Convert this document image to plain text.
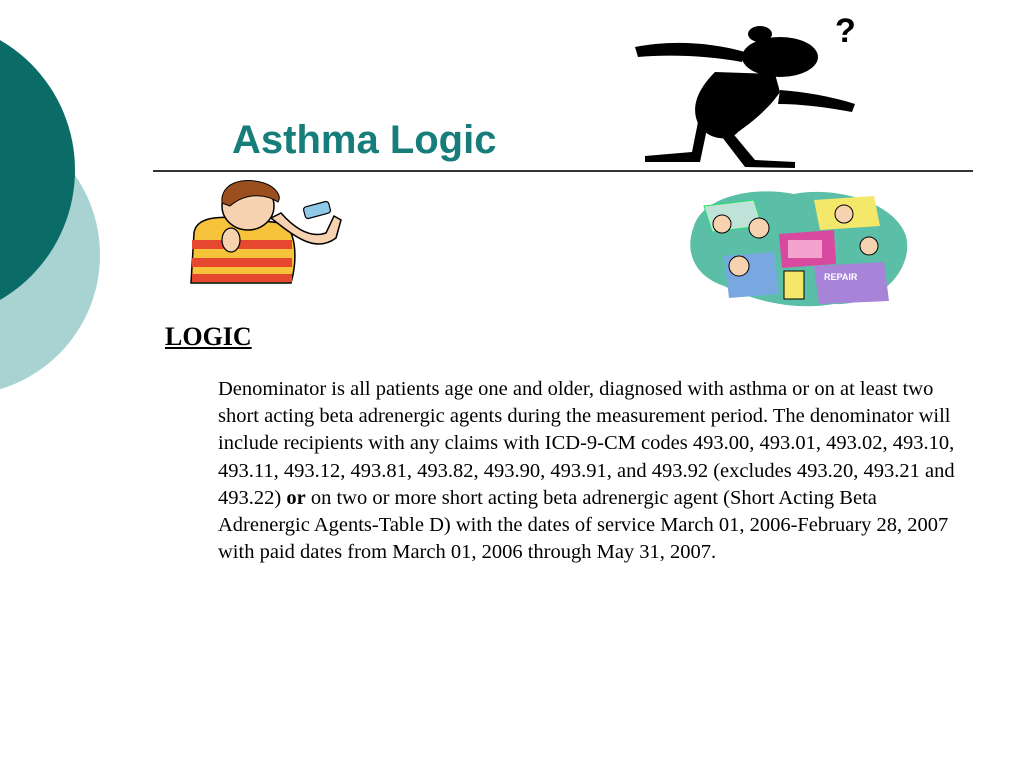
Asthma Logic
?
REPAIR
LOGIC

Denominator is all patients age one and older, diagnosed with asthma or on at least two short acting beta adrenergic agents during the measurement period. The denominator will include recipients with any claims with ICD-9-CM codes 493.00, 493.01, 493.02, 493.10, 493.11, 493.12, 493.81, 493.82, 493.90, 493.91, and 493.92 (excludes 493.20, 493.21 and 493.22) or on two or more short acting beta adrenergic agent (Short Acting Beta Adrenergic Agents-Table D) with the dates of service March 01, 2006-February 28, 2007 with paid dates from March 01, 2006 through May 31, 2007.
